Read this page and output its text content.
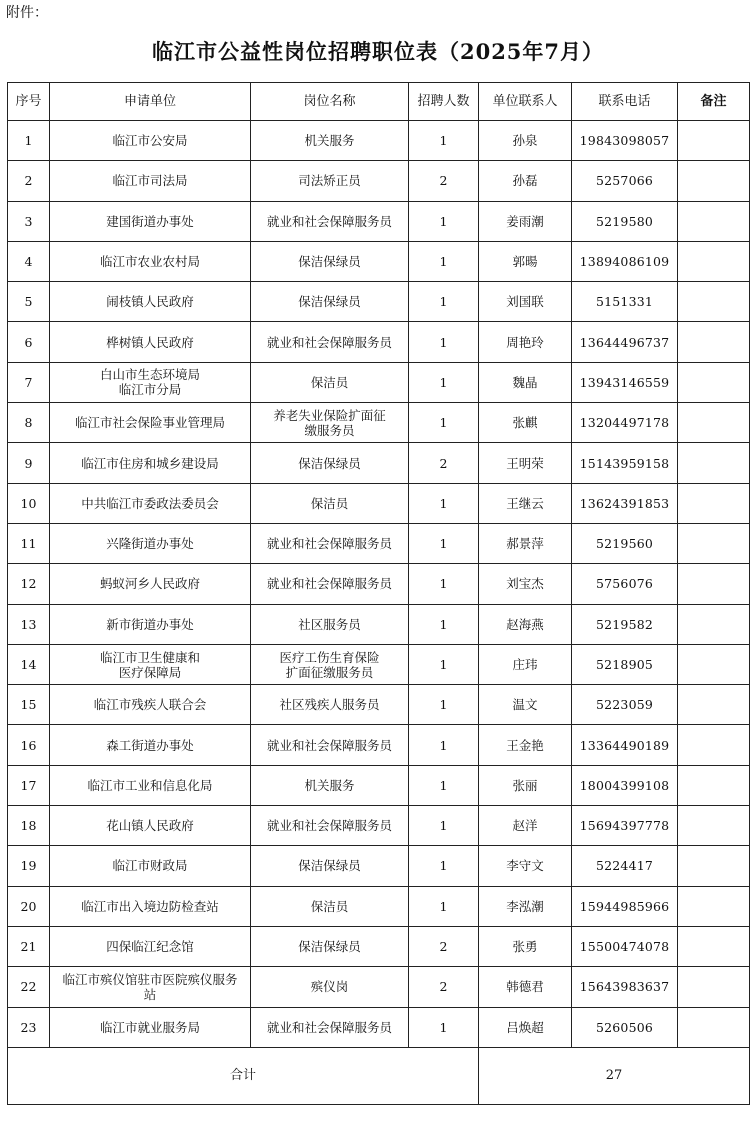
附件：
临江市公益性岗位招聘职位表（2025年7月）
序号	申请单位	岗位名称	招聘人数	单位联系人	联系电话	备注
1	临江市公安局	机关服务	1	孙泉	19843098057	
2	临江市司法局	司法矫正员	2	孙磊	5257066	
3	建国街道办事处	就业和社会保障服务员	1	姜雨潮	5219580	
4	临江市农业农村局	保洁保绿员	1	郭暘	13894086109	
5	闹枝镇人民政府	保洁保绿员	1	刘国联	5151331	
6	桦树镇人民政府	就业和社会保障服务员	1	周艳玲	13644496737	
7	白山市生态环境局
临江市分局	保洁员	1	魏晶	13943146559	
8	临江市社会保险事业管理局	养老失业保险扩面征
缴服务员	1	张麒	13204497178	
9	临江市住房和城乡建设局	保洁保绿员	2	王明荣	15143959158	
10	中共临江市委政法委员会	保洁员	1	王继云	13624391853	
11	兴隆街道办事处	就业和社会保障服务员	1	郝景萍	5219560	
12	蚂蚁河乡人民政府	就业和社会保障服务员	1	刘宝杰	5756076	
13	新市街道办事处	社区服务员	1	赵海燕	5219582	
14	临江市卫生健康和
医疗保障局	医疗工伤生育保险
扩面征缴服务员	1	庄玮	5218905	
15	临江市残疾人联合会	社区残疾人服务员	1	温文	5223059	
16	森工街道办事处	就业和社会保障服务员	1	王金艳	13364490189	
17	临江市工业和信息化局	机关服务	1	张丽	18004399108	
18	花山镇人民政府	就业和社会保障服务员	1	赵洋	15694397778	
19	临江市财政局	保洁保绿员	1	李守文	5224417	
20	临江市出入境边防检查站	保洁员	1	李泓潮	15944985966	
21	四保临江纪念馆	保洁保绿员	2	张勇	15500474078	
22	临江市殡仪馆驻市医院殡仪服务
站	殡仪岗	2	韩德君	15643983637	
23	临江市就业服务局	就业和社会保障服务员	1	吕焕超	5260506	
合计				27		
